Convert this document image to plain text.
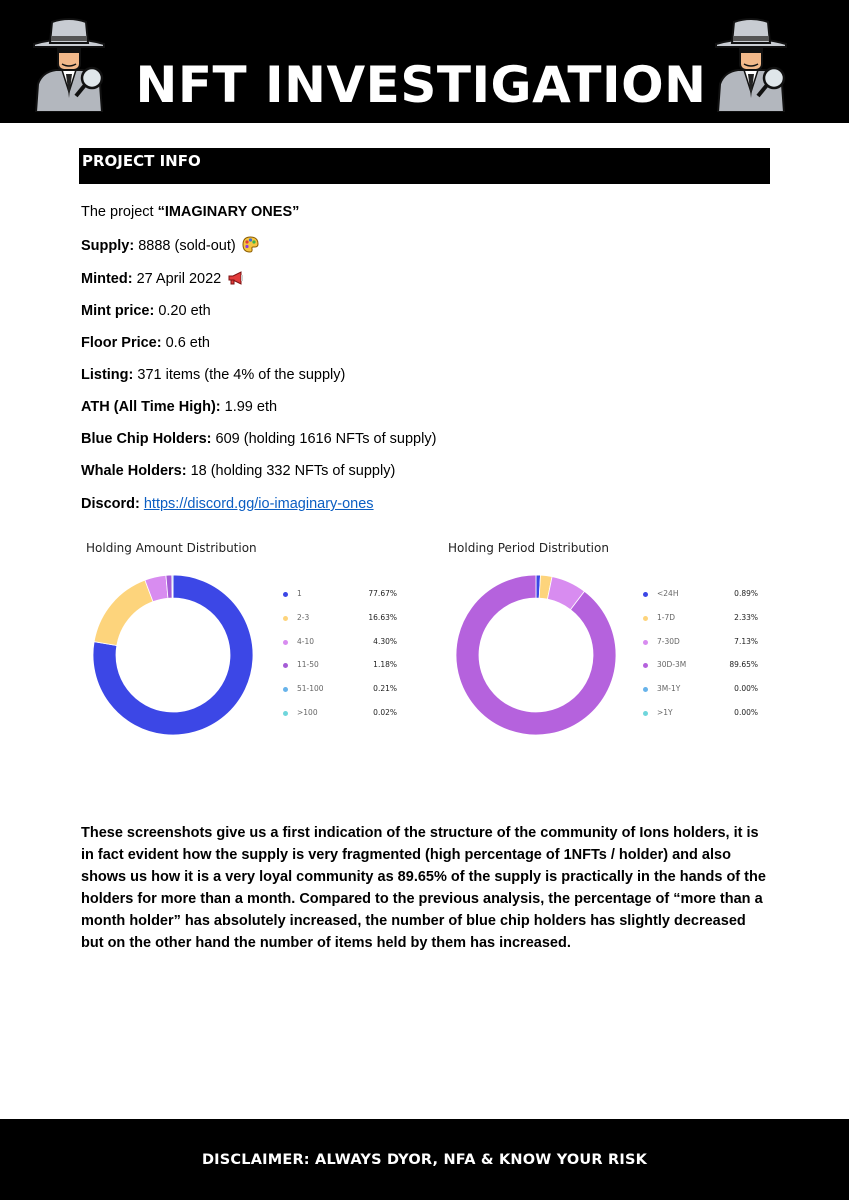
NFT INVESTIGATION
PROJECT INFO
The project “IMAGINARY ONES”
Supply: 8888 (sold-out)
Minted: 27 April 2022
Mint price: 0.20 eth
Floor Price: 0.6 eth
Listing: 371 items (the 4% of the supply)
ATH (All Time High): 1.99 eth
Blue Chip Holders: 609 (holding 1616 NFTs of supply)
Whale Holders: 18 (holding 332 NFTs of supply)
Discord: https://discord.gg/io-imaginary-ones
Holding Amount Distribution
1	77.67%
2-3	16.63%
4-10	4.30%
11-50	1.18%
51-100	0.21%
>100	0.02%
Holding Period Distribution
<24H	0.89%
1-7D	2.33%
7-30D	7.13%
30D-3M	89.65%
3M-1Y	0.00%
>1Y	0.00%
These screenshots give us a first indication of the structure of the community of Ions holders, it is in fact evident how the supply is very fragmented (high percentage of 1NFTs / holder) and also shows us how it is a very loyal community as 89.65% of the supply is practically in the hands of the holders for more than a month. Compared to the previous analysis, the percentage of “more than a month holder” has absolutely increased, the number of blue chip holders has slightly decreased but on the other hand the number of items held by them has increased.
DISCLAIMER: ALWAYS DYOR, NFA & KNOW YOUR RISK
